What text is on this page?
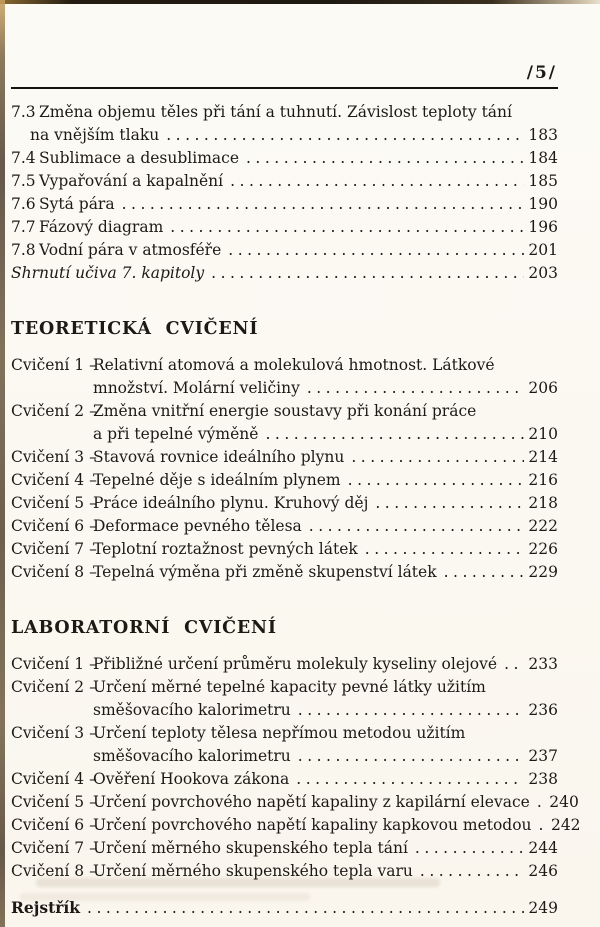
/5/
7.3 Změna objemu těles při tání a tuhnutí. Závislost teploty tání
na vnějším tlaku .....	183
7.4 Sublimace a desublimace .....	184
7.5 Vypařování a kapalnění .....	185
7.6 Sytá pára .....	190
7.7 Fázový diagram .....	196
7.8 Vodní pára v atmosféře .....	201
Shrnutí učiva 7. kapitoly .....	203
TEORETICKÁ CVIČENÍ
Cvičení 1 –
Relativní atomová a molekulová hmotnost. Látkové
množství. Molární veličiny .....	206
Cvičení 2 –
Změna vnitřní energie soustavy při konání práce
a při tepelné výměně .....	210
Cvičení 3 –
Stavová rovnice ideálního plynu .....	214
Cvičení 4 –
Tepelné děje s ideálním plynem .....	216
Cvičení 5 –
Práce ideálního plynu. Kruhový děj .....	218
Cvičení 6 –
Deformace pevného tělesa .....	222
Cvičení 7 –
Teplotní roztažnost pevných látek .....	226
Cvičení 8 –
Tepelná výměna při změně skupenství látek .....	229
LABORATORNÍ CVIČENÍ
Cvičení 1 –
Přibližné určení průměru molekuly kyseliny olejové ..... 233
Cvičení 2 –
Určení měrné tepelné kapacity pevné látky užitím
směšovacího kalorimetru .....	236
Cvičení 3 –
Určení teploty tělesa nepřímou metodou užitím
směšovacího kalorimetru .....	237
Cvičení 4 –
Ověření Hookova zákona .....	238
Cvičení 5 –
Určení povrchového napětí kapaliny z kapilární elevace ..... 240
Cvičení 6 –
Určení povrchového napětí kapaliny kapkovou metodou ..... 242
Cvičení 7 –
Určení měrného skupenského tepla tání .....	244
Cvičení 8 –
Určení měrného skupenského tepla varu .....	246
Rejstřík .....	249
